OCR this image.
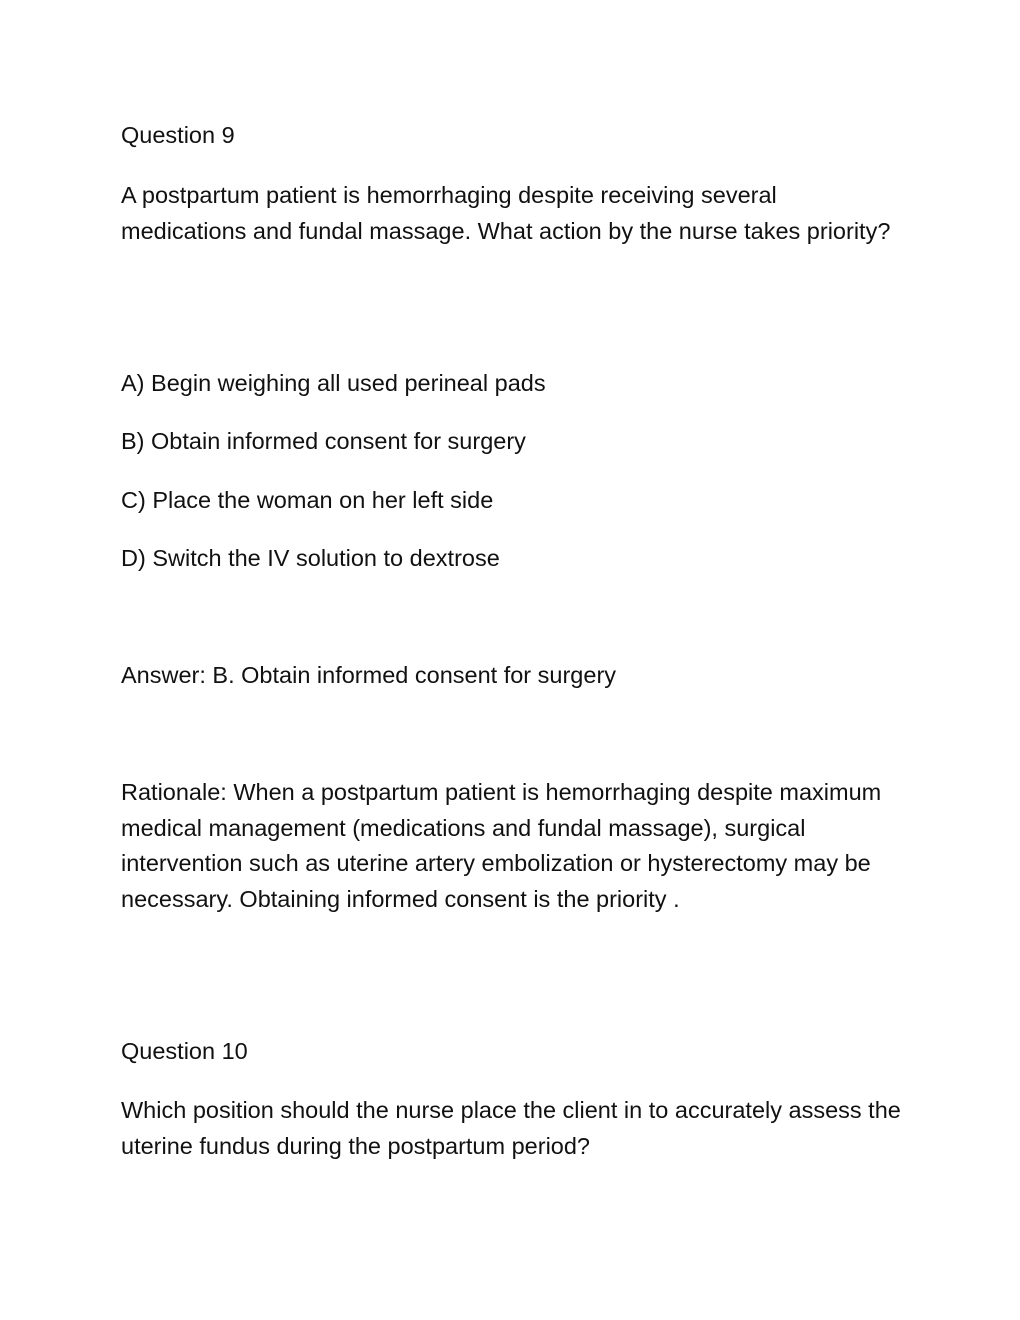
Question 9

A postpartum patient is hemorrhaging despite receiving several medications and fundal massage. What action by the nurse takes priority?

A) Begin weighing all used perineal pads

B) Obtain informed consent for surgery

C) Place the woman on her left side

D) Switch the IV solution to dextrose

Answer: B. Obtain informed consent for surgery

Rationale: When a postpartum patient is hemorrhaging despite maximum medical management (medications and fundal massage), surgical intervention such as uterine artery embolization or hysterectomy may be necessary. Obtaining informed consent is the priority .

Question 10

Which position should the nurse place the client in to accurately assess the uterine fundus during the postpartum period?
